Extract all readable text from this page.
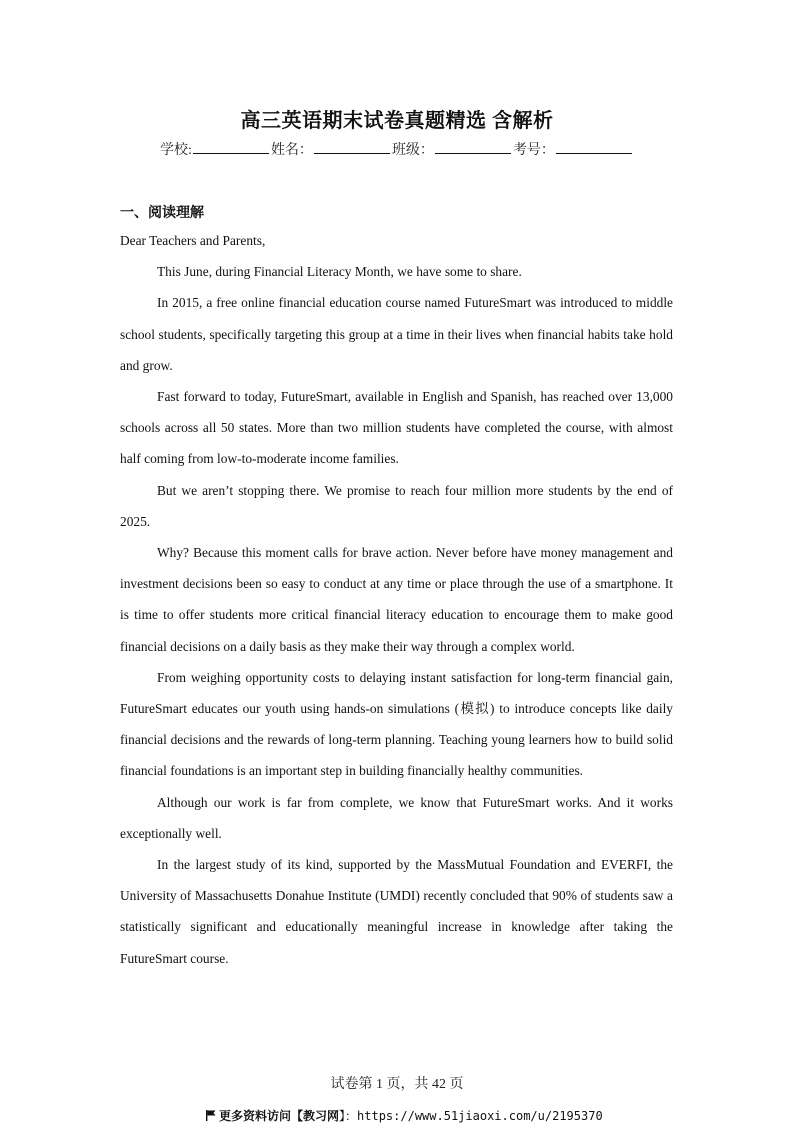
高三英语期末试卷真题精选 含解析
学校:	姓名：	班级：	考号：
一、阅读理解

Dear Teachers and Parents,

This June, during Financial Literacy Month, we have some to share.

In 2015, a free online financial education course named FutureSmart was introduced to middle school students, specifically targeting this group at a time in their lives when financial habits take hold and grow.

Fast forward to today, FutureSmart, available in English and Spanish, has reached over 13,000 schools across all 50 states. More than two million students have completed the course, with almost half coming from low-to-moderate income families.

But we aren’t stopping there. We promise to reach four million more students by the end of 2025.

Why? Because this moment calls for brave action. Never before have money management and investment decisions been so easy to conduct at any time or place through the use of a smartphone. It is time to offer students more critical financial literacy education to encourage them to make good financial decisions on a daily basis as they make their way through a complex world.

From weighing opportunity costs to delaying instant satisfaction for long-term financial gain, FutureSmart educates our youth using hands-on simulations (模拟) to introduce concepts like daily financial decisions and the rewards of long-term planning. Teaching young learners how to build solid financial foundations is an important step in building financially healthy communities.

Although our work is far from complete, we know that FutureSmart works. And it works exceptionally well.

In the largest study of its kind, supported by the MassMutual Foundation and EVERFI, the University of Massachusetts Donahue Institute (UMDI) recently concluded that 90% of students saw a statistically significant and educationally meaningful increase in knowledge after taking the FutureSmart course.

试卷第 1 页，共 42 页
更多资料访问【教习网】：https://www.51jiaoxi.com/u/2195370
